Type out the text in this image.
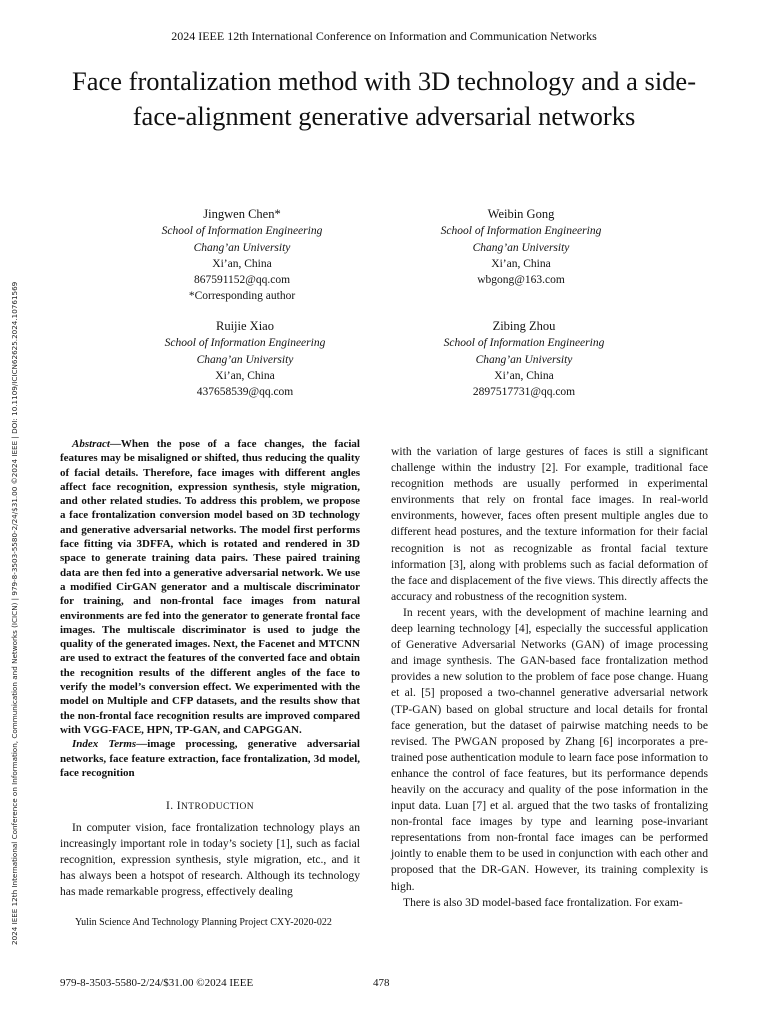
2024 IEEE 12th International Conference on Information and Communication Networks
Face frontalization method with 3D technology and a side-face-alignment generative adversarial networks
2024 IEEE 12th International Conference on Information, Communication and Networks (ICICN) | 979-8-3503-5580-2/24/$31.00 ©2024 IEEE | DOI: 10.1109/ICICN62625.2024.10761569
Jingwen Chen*
School of Information Engineering
Chang’an University
Xi’an, China
867591152@qq.com
*Corresponding author
Weibin Gong
School of Information Engineering
Chang’an University
Xi’an, China
wbgong@163.com
Ruijie Xiao
School of Information Engineering
Chang’an University
Xi’an, China
437658539@qq.com
Zibing Zhou
School of Information Engineering
Chang’an University
Xi’an, China
2897517731@qq.com

Abstract—When the pose of a face changes, the facial features may be misaligned or shifted, thus reducing the quality of facial details. Therefore, face images with different angles affect face recognition, expression synthesis, style migration, and other related studies. To address this problem, we propose a face frontalization conversion model based on 3D technology and generative adversarial networks. The model first performs face fitting via 3DFFA, which is rotated and rendered in 3D space to generate training data pairs. These paired training data are then fed into a generative adversarial network. We use a modified CirGAN generator and a multiscale discriminator for training, and non-frontal face images from natural environments are fed into the generator to generate frontal face images. The multiscale discriminator is used to judge the quality of the generated images. Next, the Facenet and MTCNN are used to extract the features of the converted face and obtain the recognition results of the different angles of the face to verify the model’s conversion effect. We experimented with the model on Multiple and CFP datasets, and the results show that the non-frontal face recognition results are improved compared with VGG-FACE, HPN, TP-GAN, and CAPGGAN.

Index Terms—image processing, generative adversarial networks, face feature extraction, face frontalization, 3d model, face recognition
I. INTRODUCTION
In computer vision, face frontalization technology plays an increasingly important role in today’s society [1], such as facial recognition, expression synthesis, style migration, etc., and it has always been a hotspot of research. Although its technology has made remarkable progress, effectively dealing
with the variation of large gestures of faces is still a significant challenge within the industry [2]. For example, traditional face recognition methods are usually performed in experimental environments that rely on frontal face images. In real-world environments, however, faces often present multiple angles due to different head postures, and the texture information for their facial recognition is not as recognizable as frontal facial texture information [3], along with problems such as facial deformation of the face and displacement of the five views. This directly affects the accuracy and robustness of the recognition system.
In recent years, with the development of machine learning and deep learning technology [4], especially the successful application of Generative Adversarial Networks (GAN) of image processing and image synthesis. The GAN-based face frontalization method provides a new solution to the problem of face pose change. Huang et al. [5] proposed a two-channel generative adversarial network (TP-GAN) based on global structure and local details for frontal face generation, but the dataset of pairwise matching needs to be revised. The PWGAN proposed by Zhang [6] incorporates a pre-trained pose authentication module to learn face pose information to enhance the control of face features, but its performance depends heavily on the accuracy and quality of the pose information in the input data. Luan [7] et al. argued that the two tasks of frontalizing non-frontal face images by type and learning pose-invariant representations from non-frontal face images can be performed jointly to enable them to be used in conjunction with each other and proposed that the DR-GAN. However, its training complexity is high.
There is also 3D model-based face frontalization. For exam-
Yulin Science And Technology Planning Project CXY-2020-022
979-8-3503-5580-2/24/$31.00 ©2024 IEEE	478
